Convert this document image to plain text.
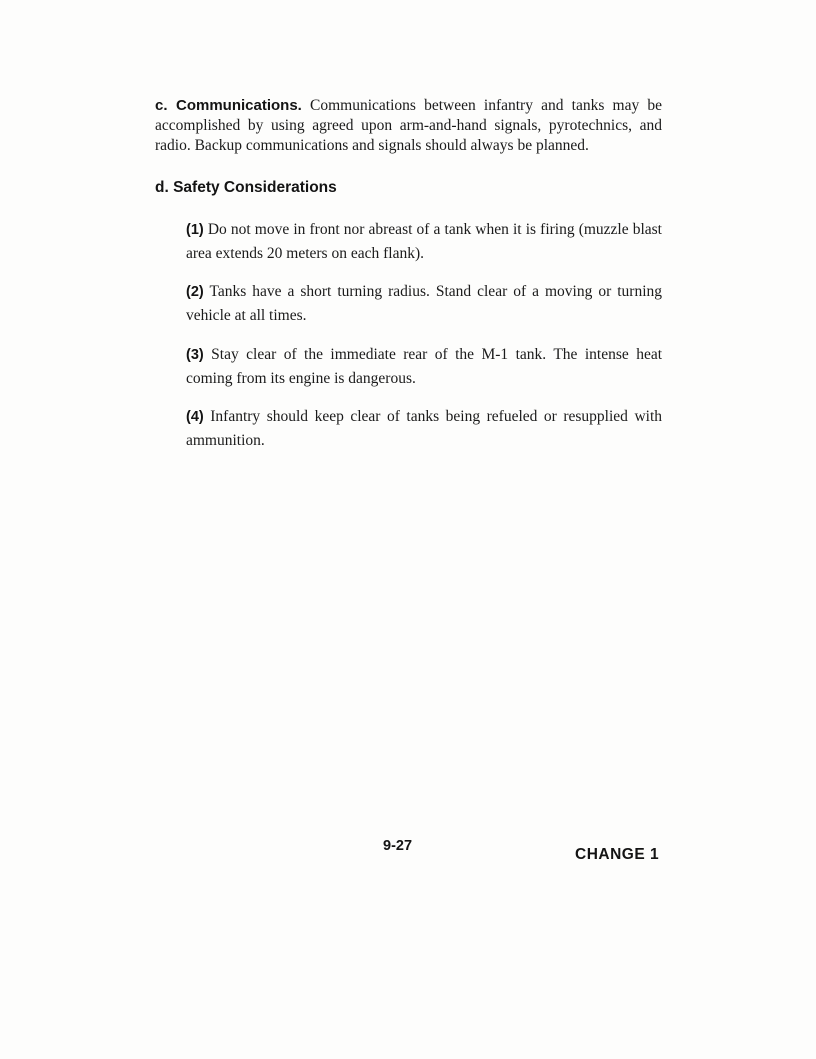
c. Communications. Communications between infantry and tanks may be accomplished by using agreed upon arm-and-hand signals, pyrotechnics, and radio. Backup communications and signals should always be planned.

d. Safety Considerations

(1) Do not move in front nor abreast of a tank when it is firing (muzzle blast area extends 20 meters on each flank).

(2) Tanks have a short turning radius. Stand clear of a moving or turning vehicle at all times.

(3) Stay clear of the immediate rear of the M-1 tank. The intense heat coming from its engine is dangerous.

(4) Infantry should keep clear of tanks being refueled or resupplied with ammunition.

9-27	CHANGE 1
